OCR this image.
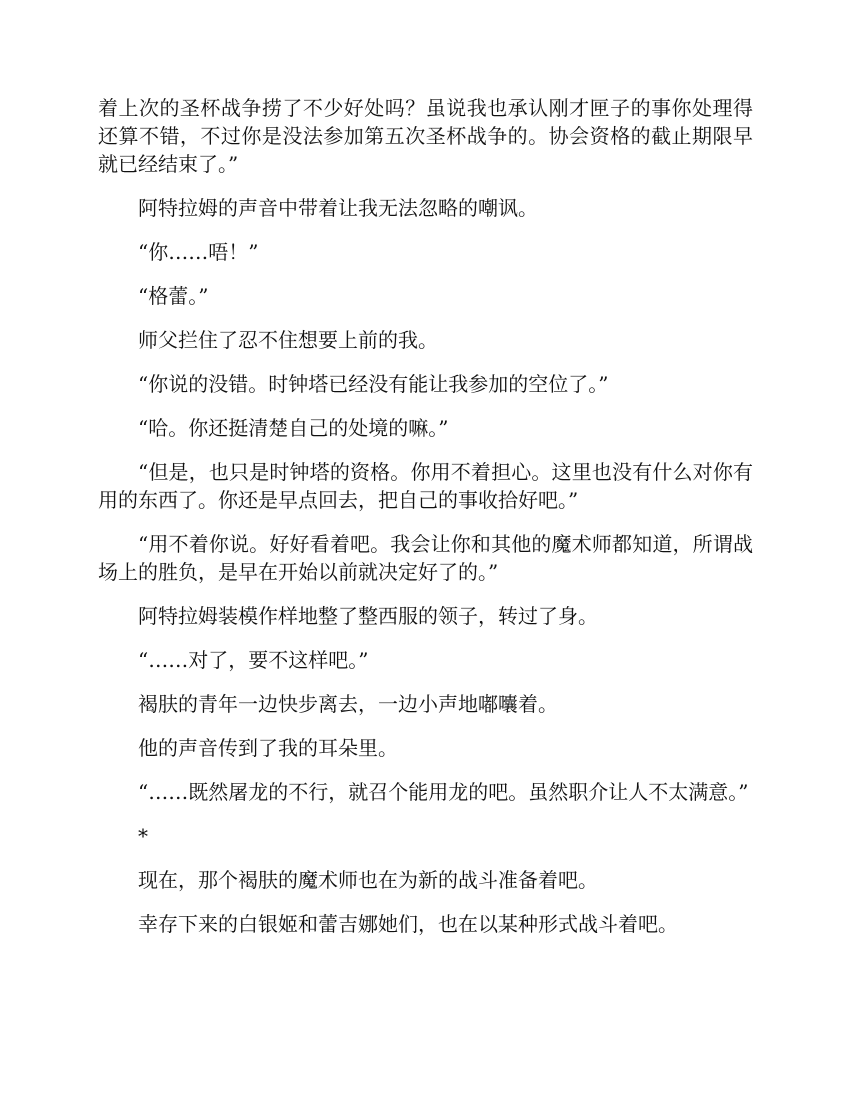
着上次的圣杯战争捞了不少好处吗？虽说我也承认刚才匣子的事你处理得还算不错，不过你是没法参加第五次圣杯战争的。协会资格的截止期限早就已经结束了。”

阿特拉姆的声音中带着让我无法忽略的嘲讽。

“你……唔！”

“格蕾。”

师父拦住了忍不住想要上前的我。

“你说的没错。时钟塔已经没有能让我参加的空位了。”

“哈。你还挺清楚自己的处境的嘛。”

“但是，也只是时钟塔的资格。你用不着担心。这里也没有什么对你有用的东西了。你还是早点回去，把自己的事收拾好吧。”

“用不着你说。好好看着吧。我会让你和其他的魔术师都知道，所谓战场上的胜负，是早在开始以前就决定好了的。”

阿特拉姆装模作样地整了整西服的领子，转过了身。

“……对了，要不这样吧。”

褐肤的青年一边快步离去，一边小声地嘟囔着。

他的声音传到了我的耳朵里。

“……既然屠龙的不行，就召个能用龙的吧。虽然职介让人不太满意。”

*

现在，那个褐肤的魔术师也在为新的战斗准备着吧。

幸存下来的白银姬和蕾吉娜她们，也在以某种形式战斗着吧。
